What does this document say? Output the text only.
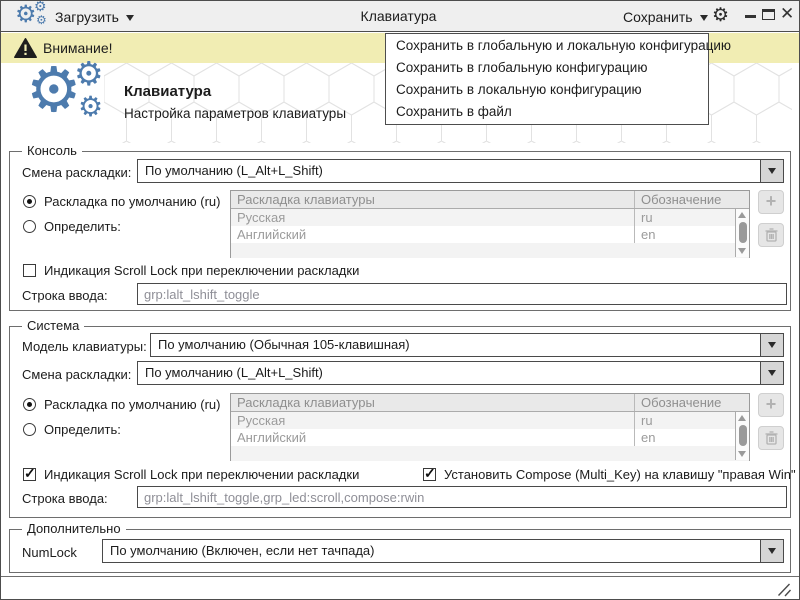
⚙
⚙
⚙ Загрузить	Клавиатура	Сохранить ⚙	✕
Внимание!
⚙
⚙
⚙ Клавиатура
Настройка параметров клавиатуры
Сохранить в глобальную и локальную конфигурацию
Сохранить в глобальную конфигурацию
Сохранить в локальную конфигурацию
Сохранить в файл
Консоль
Смена раскладки: По умолчанию (L_Alt+L_Shift)
Раскладка по умолчанию (ru)
Определить:
Раскладка клавиатуры	Обозначение
Русская	ru
Английский	en
+
Индикация Scroll Lock при переключении раскладки
Строка ввода:
grp:lalt_lshift_toggle
Система
Модель клавиатуры: По умолчанию (Обычная 105-клавишная)
Смена раскладки: По умолчанию (L_Alt+L_Shift)
Раскладка по умолчанию (ru)
Определить:
Раскладка клавиатуры	Обозначение
Русская	ru
Английский	en
+
✓
Индикация Scroll Lock при переключении раскладки ✓	Установить Compose (Multi_Key) на клавишу "правая Win"
Строка ввода:
grp:lalt_lshift_toggle,grp_led:scroll,compose:rwin
Дополнительно
NumLock	По умолчанию (Включен, если нет тачпада)
